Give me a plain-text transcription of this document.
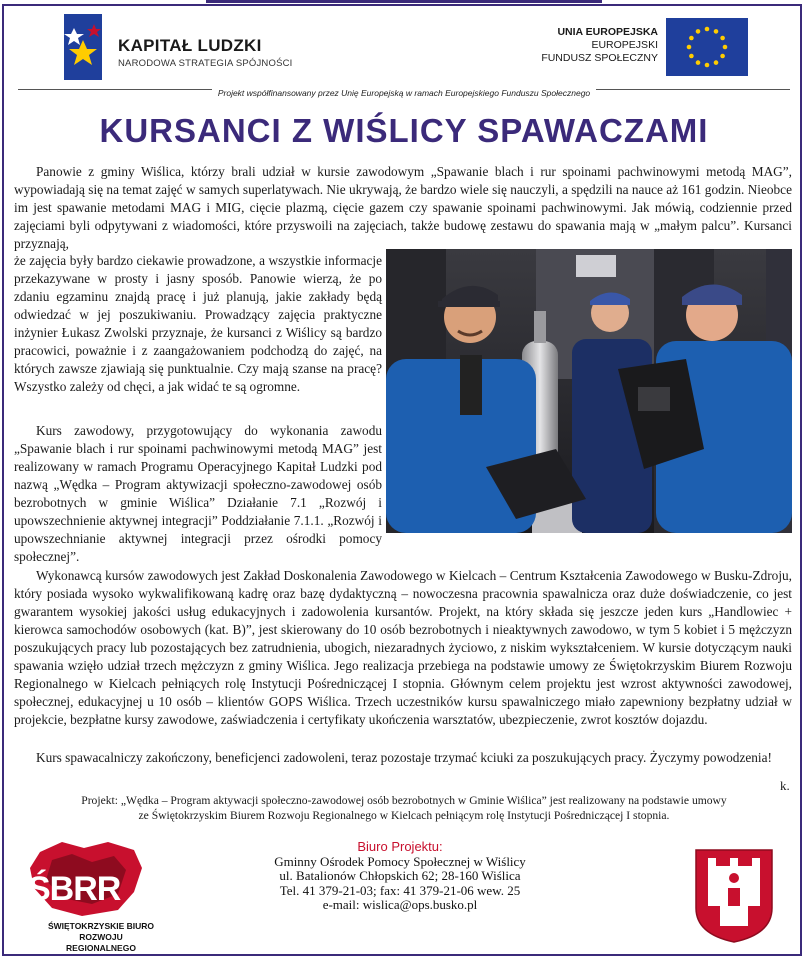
KAPITAŁ LUDZKI
NARODOWA STRATEGIA SPÓJNOŚCI
UNIA EUROPEJSKA
EUROPEJSKI
FUNDUSZ SPOŁECZNY
Projekt współfinansowany przez Unię Europejską w ramach Europejskiego Funduszu Społecznego
KURSANCI Z WIŚLICY SPAWACZAMI
Panowie z gminy Wiślica, którzy brali udział w kursie zawodowym „Spawanie blach i rur spoinami pachwinowymi metodą MAG”, wypowiadają się na temat zajęć w samych superlatywach. Nie ukrywają, że bardzo wiele się nauczyli, a spędzili na nauce aż 161 godzin. Nieobce im jest spawanie metodami MAG i MIG, cięcie plazmą, cięcie gazem czy spawanie spoinami pachwinowymi. Jak mówią, codziennie przed zajęciami byli odpytywani z wiadomości, które przyswoili na zajęciach, także budowę zestawu do spawania mają w „małym palcu”. Kursanci przyznają,
że zajęcia były bardzo ciekawie prowadzone, a wszystkie informacje przekazywane w prosty i jasny sposób. Panowie wierzą, że po zdaniu egzaminu znajdą pracę i już planują, jakie zakłady będą odwiedzać w jej poszukiwaniu. Prowadzący zajęcia praktyczne inżynier Łukasz Zwolski przyznaje, że kursanci z Wiślicy są bardzo pracowici, poważnie i z zaangażowaniem podchodzą do zajęć, na których zawsze zjawiają się punktualnie. Czy mają szanse na pracę? Wszystko zależy od chęci, a jak widać te są ogromne.
Kurs zawodowy, przygotowujący do wykonania zawodu „Spawanie blach i rur spoinami pachwinowymi metodą MAG” jest realizowany w ramach Programu Operacyjnego Kapitał Ludzki pod nazwą „Wędka – Program aktywizacji społeczno-zawodowej osób bezrobotnych w gminie Wiślica” Działanie 7.1 „Rozwój i upowszechnienie aktywnej integracji” Poddziałanie 7.1.1. „Rozwój i upowszechnianie aktywnej integracji przez ośrodki pomocy społecznej”.
Wykonawcą kursów zawodowych jest Zakład Doskonalenia Zawodowego w Kielcach – Centrum Kształcenia Zawodowego w Busku-Zdroju, który posiada wysoko wykwalifikowaną kadrę oraz bazę dydaktyczną – nowoczesna pracownia spawalnicza oraz duże doświadczenie, co jest gwarantem wysokiej jakości usług edukacyjnych i zadowolenia kursantów. Projekt, na który składa się jeszcze jeden kurs „Handlowiec + kierowca samochodów osobowych (kat. B)”, jest skierowany do 10 osób bezrobotnych i nieaktywnych zawodowo, w tym 5 kobiet i 5 mężczyzn poszukujących pracy lub pozostających bez zatrudnienia, ubogich, niezaradnych życiowo, z niskim wykształceniem. W kursie dotyczącym nauki spawania wzięło udział trzech mężczyzn z gminy Wiślica. Jego realizacja przebiega na podstawie umowy ze Świętokrzyskim Biurem Rozwoju Regionalnego w Kielcach pełniących rolę Instytucji Pośredniczącej I stopnia. Głównym celem projektu jest wzrost aktywności zawodowej, społecznej, edukacyjnej u 10 osób – klientów GOPS Wiślica. Trzech uczestników kursu spawalniczego miało zapewniony bezpłatny udział w projekcie, bezpłatne kursy zawodowe, zaświadczenia i certyfikaty ukończenia warsztatów, ubezpieczenie, zwrot kosztów dojazdu.
Kurs spawacalniczy zakończony, beneficjenci zadowoleni, teraz pozostaje trzymać kciuki za poszukujących pracy. Życzymy powodzenia!
k.
Projekt: „Wędka – Program aktywacji społeczno-zawodowej osób bezrobotnych w Gminie Wiślica” jest realizowany na podstawie umowy
ze Świętokrzyskim Biurem Rozwoju Regionalnego w Kielcach pełniącym rolę Instytucji Pośredniczącej I stopnia.
ŚBRR
ŚWIĘTOKRZYSKIE BIURO
ROZWOJU REGIONALNEGO
Biuro Projektu:
Gminny Ośrodek Pomocy Społecznej w Wiślicy
ul. Batalionów Chłopskich 62; 28-160 Wiślica
Tel. 41 379-21-03; fax: 41 379-21-06 wew. 25
e-mail: wislica@ops.busko.pl
